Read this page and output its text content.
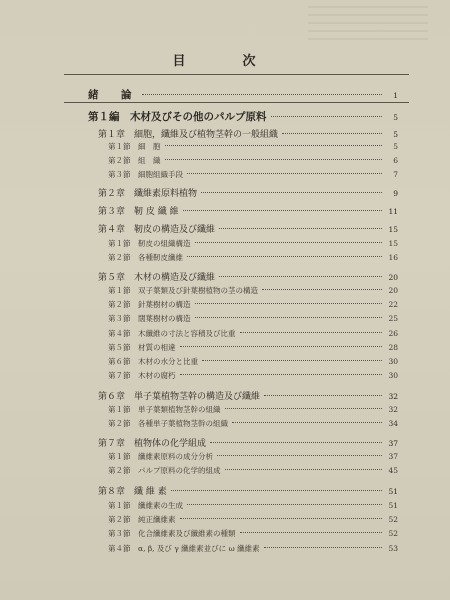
目　次
緒　論	1
第１編　木材及びその他のパルプ原料	5
第１章　細胞，纖維及び植物茎幹の一般組織	5
第１節　細　胞	5
第２節　組　織	6
第３節　細胞組織手段	7
第２章　纖維素原料植物	9
第３章　靭 皮 纖 維	11
第４章　靭皮の構造及び纖維	15
第１節　靭皮の組織構造	15
第２節　各種靭皮纖維	16
第５章　木材の構造及び纖維	20
第１節　双子葉類及び針葉樹植物の茎の構造	20
第２節　針葉樹材の構造	22
第３節　闊葉樹材の構造	25
第４節　木纖維の寸法と容積及び比重	26
第５節　材質の相違	28
第６節　木材の水分と比重	30
第７節　木材の腐朽	30
第６章　単子葉植物茎幹の構造及び纖維	32
第１節　単子葉類植物茎幹の組織	32
第２節　各種単子葉植物茎幹の組織	34
第７章　植物体の化学組成	37
第１節　纖維素原料の成分分析	37
第２節　パルプ原料の化学的組成	45
第８章　纖 維 素	51
第１節　纖維素の生成	51
第２節　純正纖維素	52
第３節　化合纖維素及び纖維素の種類	52
第４節　α, β, 及び γ 纖維素並びに ω 纖維素	53
